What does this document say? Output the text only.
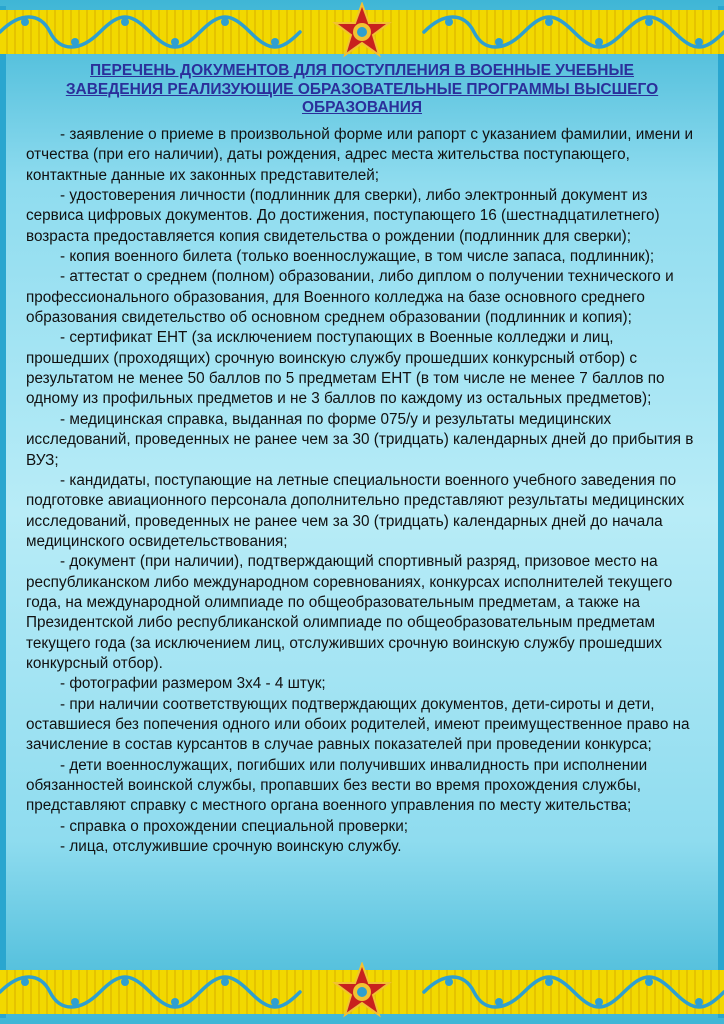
ПЕРЕЧЕНЬ ДОКУМЕНТОВ ДЛЯ ПОСТУПЛЕНИЯ В ВОЕННЫЕ УЧЕБНЫЕ ЗАВЕДЕНИЯ РЕАЛИЗУЮЩИЕ ОБРАЗОВАТЕЛЬНЫЕ ПРОГРАММЫ ВЫСШЕГО ОБРАЗОВАНИЯ

- заявление о приеме в произвольной форме или рапорт с указанием фамилии, имени и отчества (при его наличии), даты рождения, адрес места жительства поступающего, контактные данные их законных представителей;

- удостоверения личности (подлинник для сверки), либо электронный документ из сервиса цифровых документов. До достижения, поступающего 16 (шестнадцатилетнего) возраста предоставляется копия свидетельства о рождении (подлинник для сверки);

- копия военного билета (только военнослужащие, в том числе запаса, подлинник);

- аттестат о среднем (полном) образовании, либо диплом о получении технического и профессионального образования, для Военного колледжа на базе основного среднего образования свидетельство об основном среднем образовании (подлинник и копия);

- сертификат ЕНТ (за исключением поступающих в Военные колледжи и лиц, прошедших (проходящих) срочную воинскую службу прошедших конкурсный отбор) с результатом не менее 50 баллов по 5 предметам ЕНТ (в том числе не менее 7 баллов по одному из профильных предметов и не 3 баллов по каждому из остальных предметов);

- медицинская справка, выданная по форме 075/у и результаты медицинских исследований, проведенных не ранее чем за 30 (тридцать) календарных дней до прибытия в ВУЗ;

- кандидаты, поступающие на летные специальности военного учебного заведения по подготовке авиационного персонала дополнительно представляют результаты медицинских исследований, проведенных не ранее чем за 30 (тридцать) календарных дней до начала медицинского освидетельствования;

- документ (при наличии), подтверждающий спортивный разряд, призовое место на республиканском либо международном соревнованиях, конкурсах исполнителей текущего года, на международной олимпиаде по общеобразовательным предметам, а также на Президентской либо республиканской олимпиаде по общеобразовательным предметам текущего года (за исключением лиц, отслуживших срочную воинскую службу прошедших конкурсный отбор).

- фотографии размером 3х4 - 4 штук;

- при наличии соответствующих подтверждающих документов, дети-сироты и дети, оставшиеся без попечения одного или обоих родителей, имеют преимущественное право на зачисление в состав курсантов в случае равных показателей при проведении конкурса;

- дети военнослужащих, погибших или получивших инвалидность при исполнении обязанностей воинской службы, пропавших без вести во время прохождения службы, представляют справку с местного органа военного управления по месту жительства;

- справка о прохождении специальной проверки;

- лица, отслужившие срочную воинскую службу.
